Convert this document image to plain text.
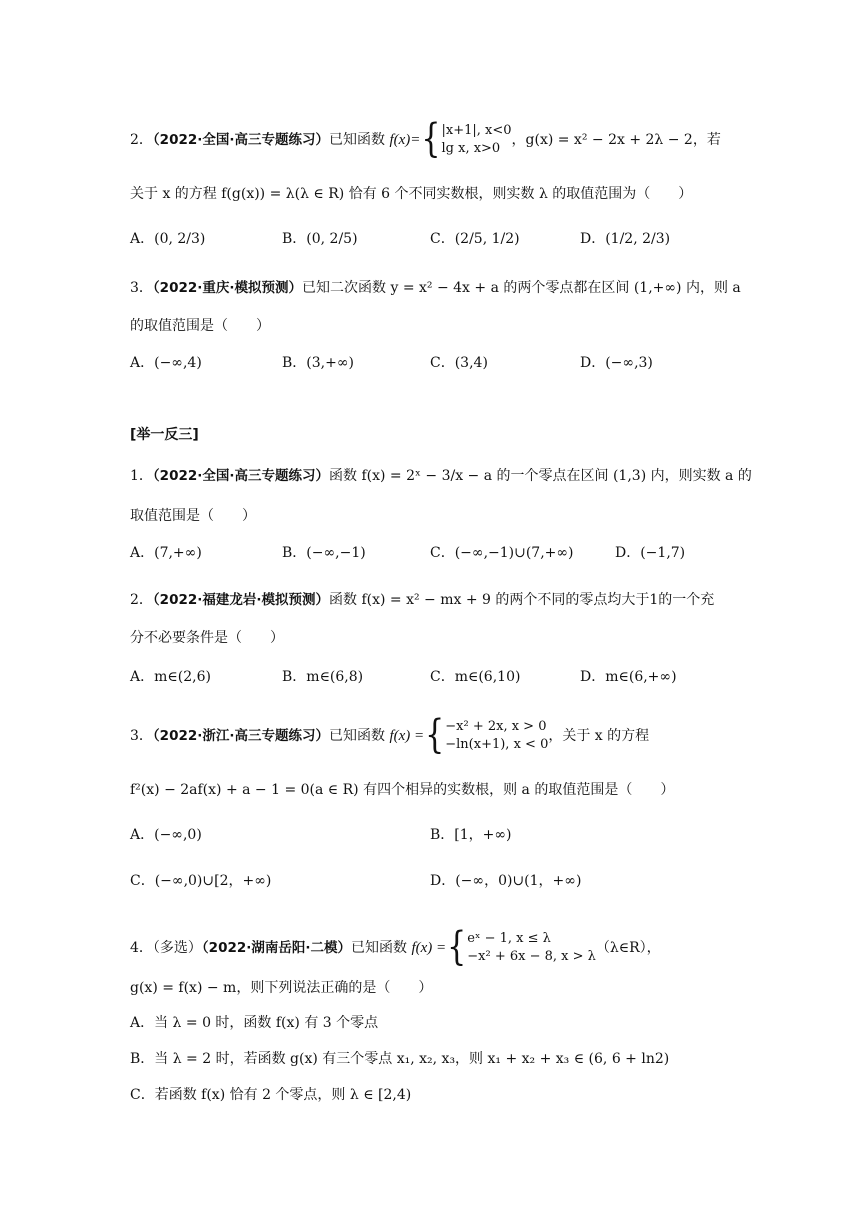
2．（2022·全国·高三专题练习）已知函数 f(x)={ |x+1|, x<0
lg x, x>0
，g(x) = x² − 2x + 2λ − 2，若
关于 x 的方程 f(g(x)) = λ(λ ∈ R) 恰有 6 个不同实数根，则实数 λ 的取值范围为（　　）
A．(0, 2/3)	B．(0, 2/5)	C．(2/5, 1/2)	D．(1/2, 2/3)
3．（2022·重庆·模拟预测）已知二次函数 y = x² − 4x + a 的两个零点都在区间 (1,+∞) 内，则 a
的取值范围是（　　）
A．(−∞,4)	B．(3,+∞)	C．(3,4)	D．(−∞,3)
[举一反三]
1．（2022·全国·高三专题练习）函数 f(x) = 2ˣ − 3/x − a 的一个零点在区间 (1,3) 内，则实数 a 的
取值范围是（　　）
A．(7,+∞)	B．(−∞,−1)	C．(−∞,−1)∪(7,+∞)	D．(−1,7)
2．（2022·福建龙岩·模拟预测）函数 f(x) = x² − mx + 9 的两个不同的零点均大于1的一个充
分不必要条件是（　　）
A．m∈(2,6)	B．m∈(6,8)	C．m∈(6,10)	D．m∈(6,+∞)
3．（2022·浙江·高三专题练习）已知函数 f(x) ={ −x² + 2x, x > 0
−ln(x+1), x < 0
，关于 x 的方程
f²(x) − 2af(x) + a − 1 = 0(a ∈ R) 有四个相异的实数根，则 a 的取值范围是（　　）
A．(−∞,0)	B．[1，+∞)
C．(−∞,0)∪[2，+∞)	D．(−∞，0)∪(1，+∞)
4．（多选）（2022·湖南岳阳·二模）已知函数 f(x) ={ eˣ − 1, x ≤ λ
−x² + 6x − 8, x > λ
（λ∈R），
g(x) = f(x) − m，则下列说法正确的是（　　）
A．当 λ = 0 时，函数 f(x) 有 3 个零点
B．当 λ = 2 时，若函数 g(x) 有三个零点 x₁, x₂, x₃，则 x₁ + x₂ + x₃ ∈ (6, 6 + ln2)
C．若函数 f(x) 恰有 2 个零点，则 λ ∈ [2,4)
